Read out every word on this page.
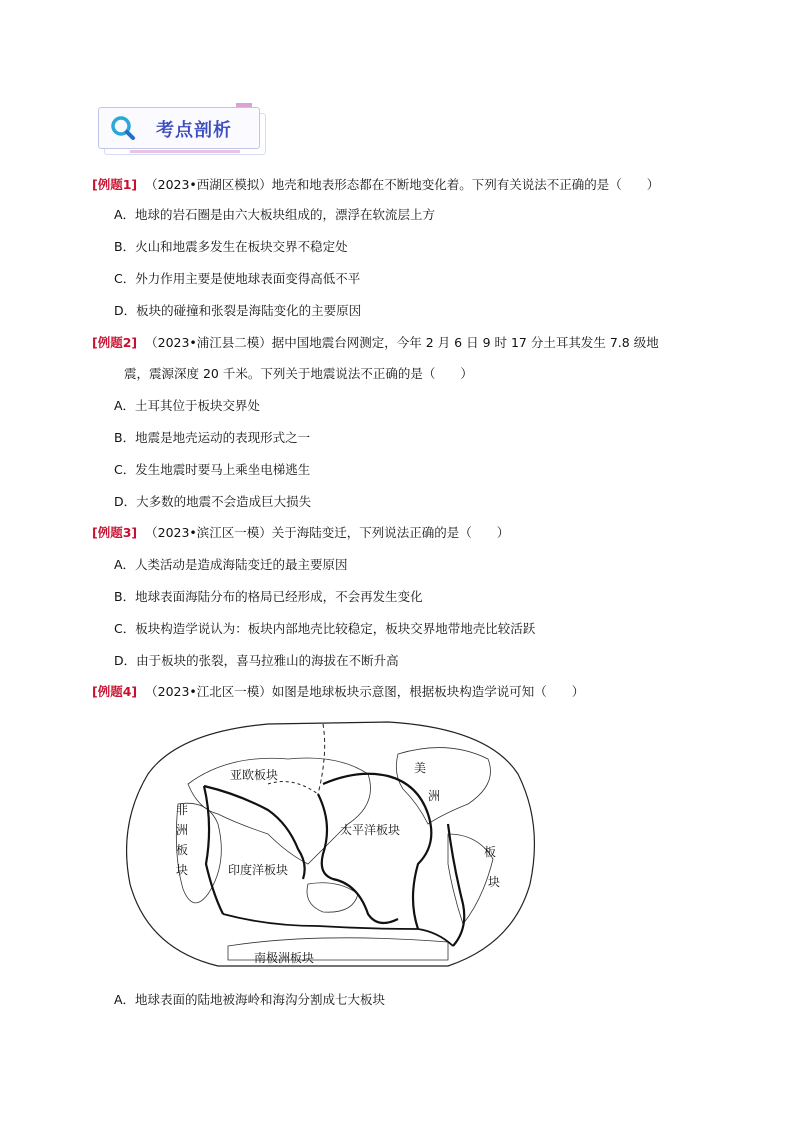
考点剖析
[例题1] （2023•西湖区模拟）地壳和地表形态都在不断地变化着。下列有关说法不正确的是（　　）
A．地球的岩石圈是由六大板块组成的，漂浮在软流层上方
B．火山和地震多发生在板块交界不稳定处
C．外力作用主要是使地球表面变得高低不平
D．板块的碰撞和张裂是海陆变化的主要原因
[例题2] （2023•浦江县二模）据中国地震台网测定，今年 2 月 6 日 9 时 17 分土耳其发生 7.8 级地
震，震源深度 20 千米。下列关于地震说法不正确的是（　　）
A．土耳其位于板块交界处
B．地震是地壳运动的表现形式之一
C．发生地震时要马上乘坐电梯逃生
D．大多数的地震不会造成巨大损失
[例题3] （2023•滨江区一模）关于海陆变迁，下列说法正确的是（　　）
A．人类活动是造成海陆变迁的最主要原因
B．地球表面海陆分布的格局已经形成，不会再发生变化
C．板块构造学说认为：板块内部地壳比较稳定，板块交界地带地壳比较活跃
D．由于板块的张裂，喜马拉雅山的海拔在不断升高
[例题4] （2023•江北区一模）如图是地球板块示意图，根据板块构造学说可知（　　）
亚欧板块
非
洲
板
块	印度洋板块
太平洋板块
美
洲
板
块
南极洲板块
A．地球表面的陆地被海岭和海沟分割成七大板块
